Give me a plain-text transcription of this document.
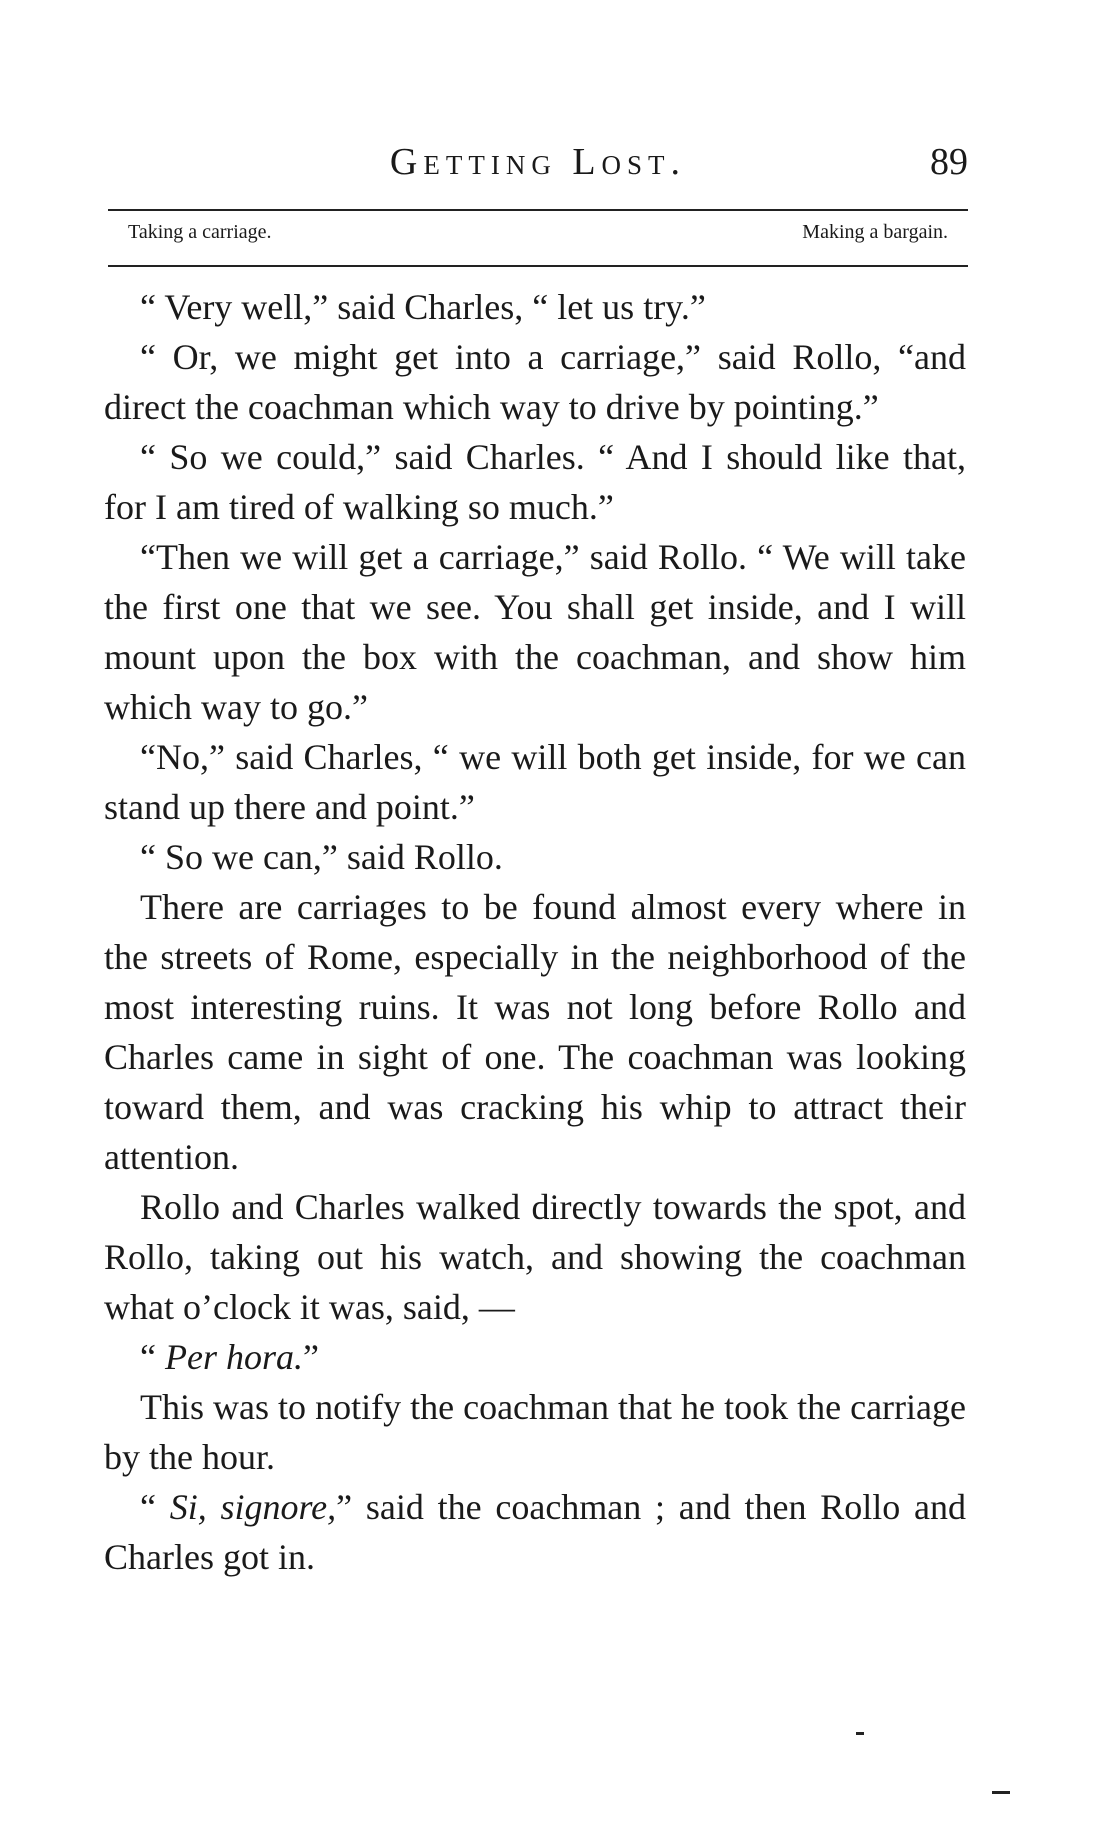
Getting Lost.	89
Taking a carriage.	Making a bargain.

“ Very well,” said Charles, “ let us try.”

“ Or, we might get into a carriage,” said Rollo, “and direct the coachman which way to drive by pointing.”

“ So we could,” said Charles. “ And I should like that, for I am tired of walking so much.”

“Then we will get a carriage,” said Rollo. “ We will take the first one that we see. You shall get inside, and I will mount upon the box with the coachman, and show him which way to go.”

“No,” said Charles, “ we will both get inside, for we can stand up there and point.”

“ So we can,” said Rollo.

There are carriages to be found almost every where in the streets of Rome, especially in the neighborhood of the most interesting ruins. It was not long before Rollo and Charles came in sight of one. The coachman was looking toward them, and was cracking his whip to attract their attention.

Rollo and Charles walked directly towards the spot, and Rollo, taking out his watch, and showing the coachman what o’clock it was, said, —

“ Per hora.”

This was to notify the coachman that he took the carriage by the hour.

“ Si, signore,” said the coachman ; and then Rollo and Charles got in.
